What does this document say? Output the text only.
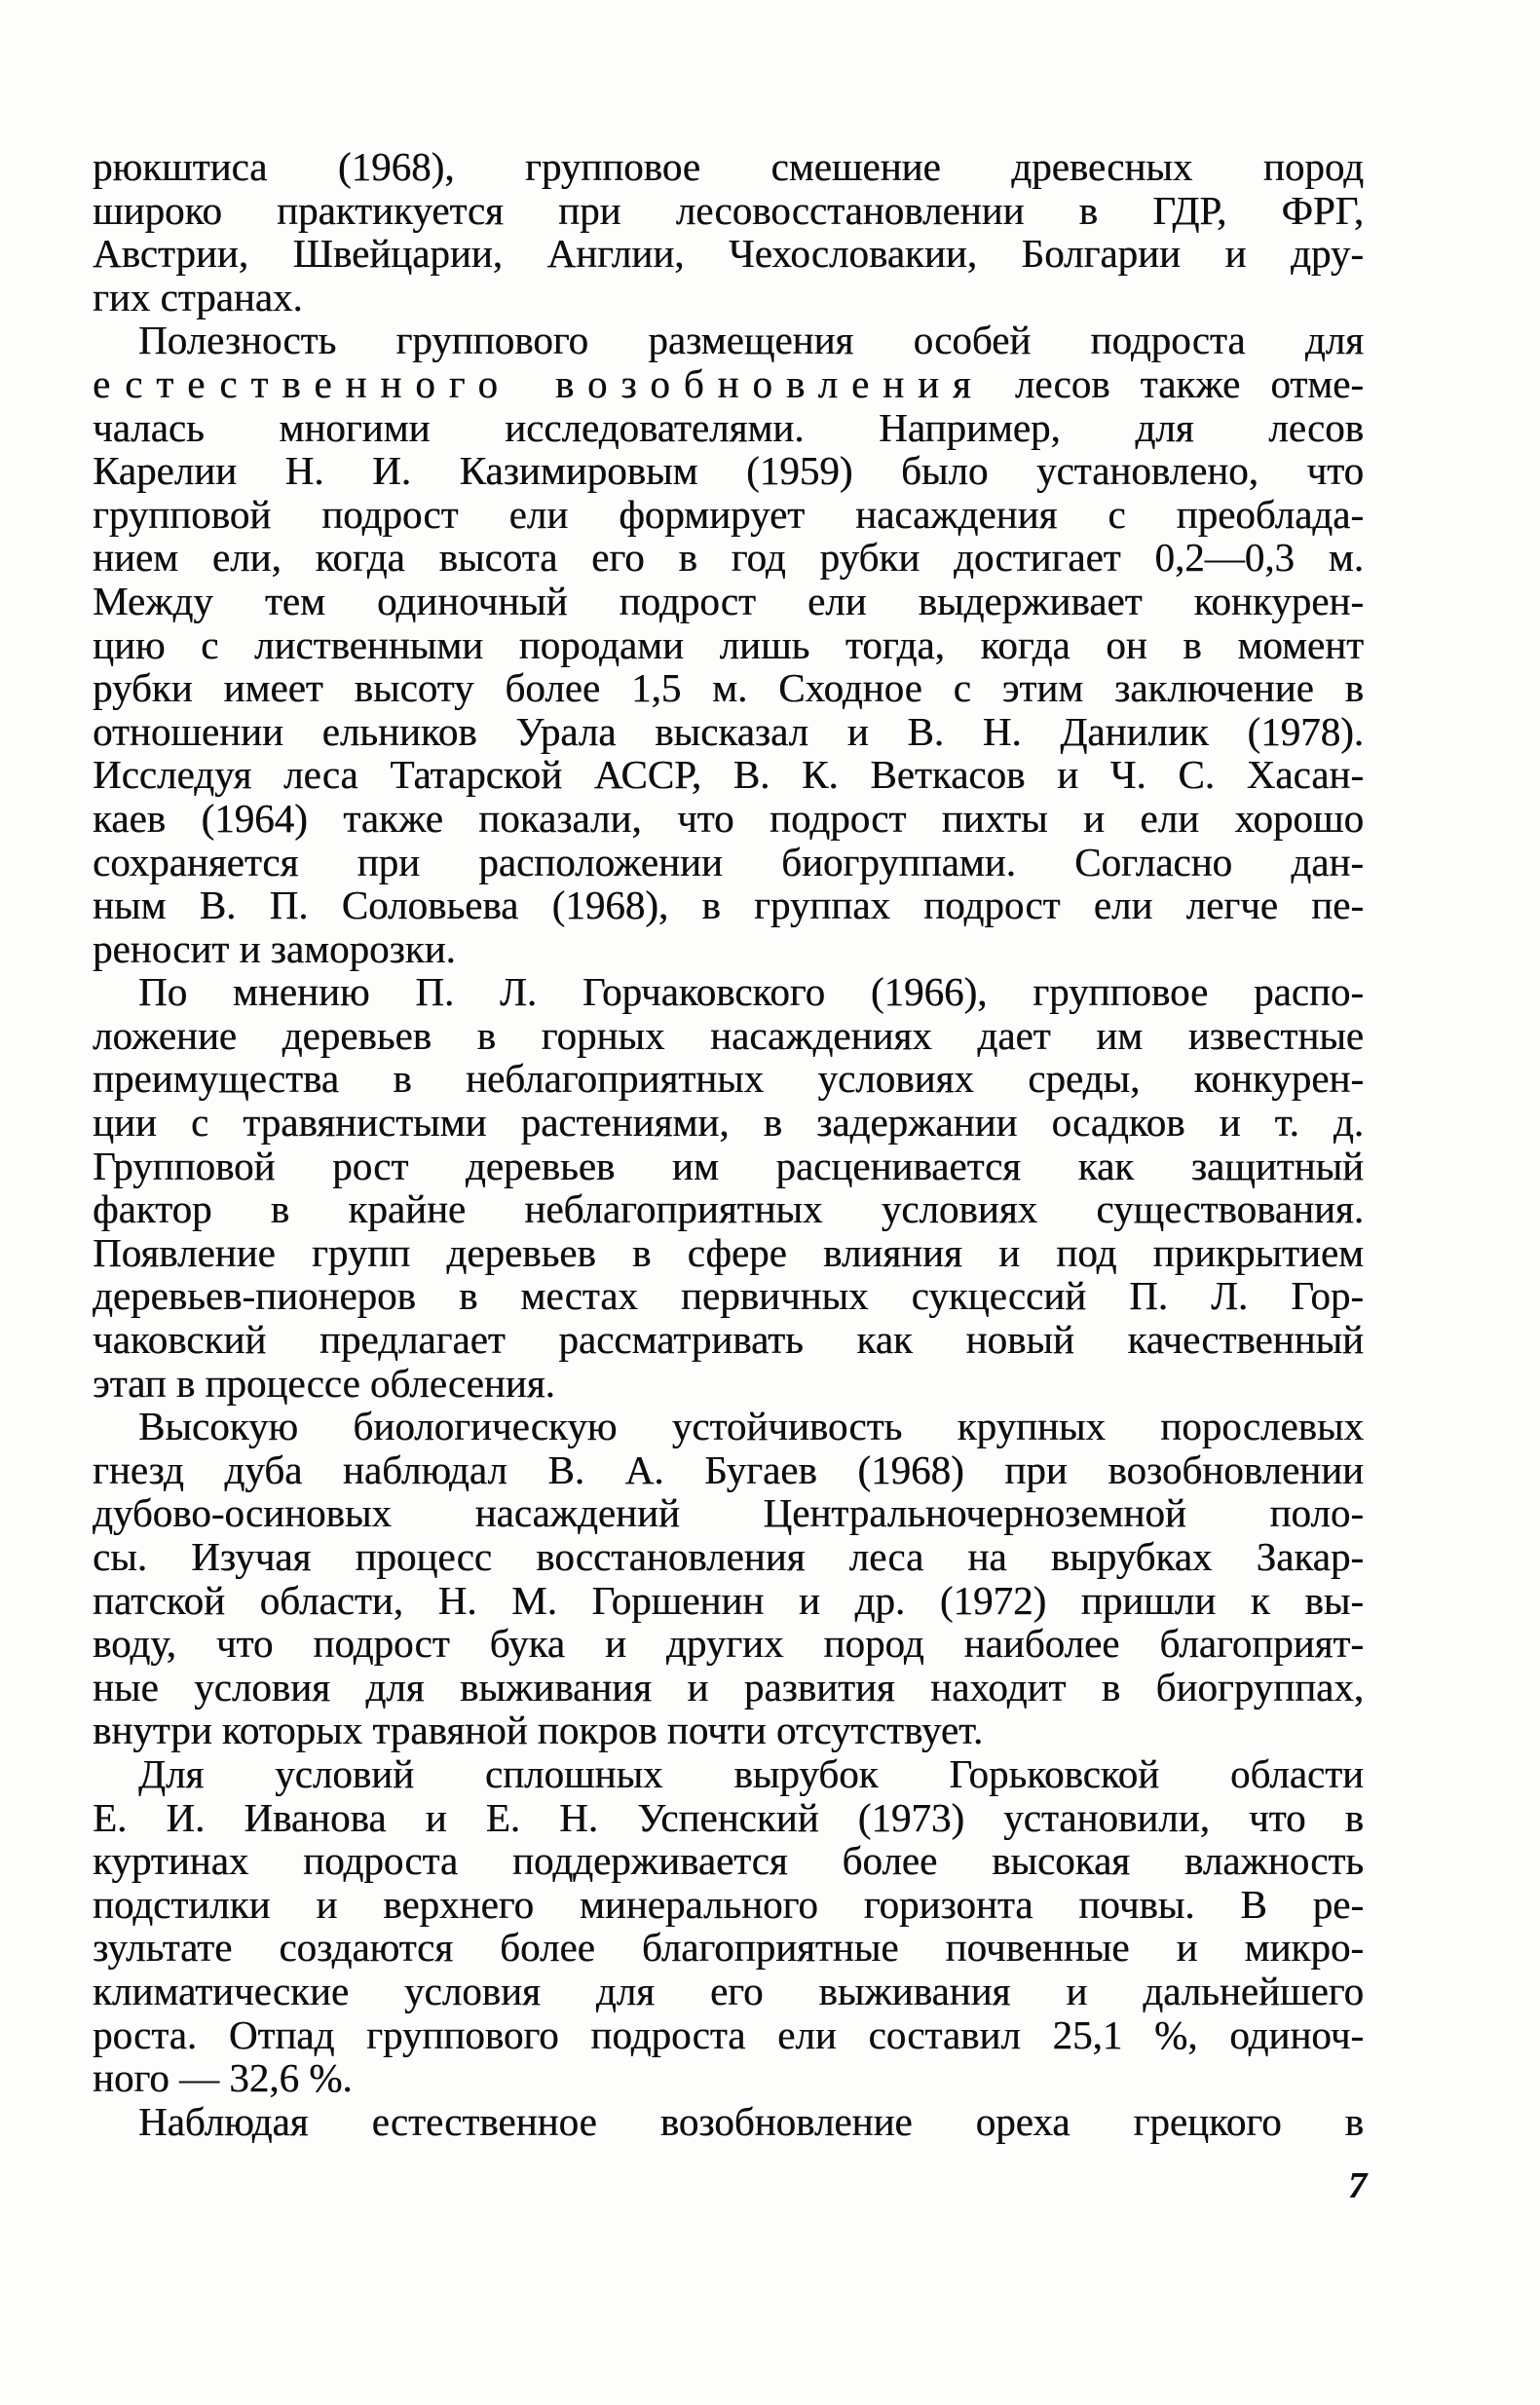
рюкштиса (1968), групповое смешение древесных пород
широко практикуется при лесовосстановлении в ГДР, ФРГ,
Австрии, Швейцарии, Англии, Чехословакии, Болгарии и дру-
гих странах.
Полезность группового размещения особей подроста для
естественного возобновления лесов также отме-
чалась многими исследователями. Например, для лесов
Карелии Н. И. Казимировым (1959) было установлено, что
групповой подрост ели формирует насаждения с преоблада-
нием ели, когда высота его в год рубки достигает 0,2—0,3 м.
Между тем одиночный подрост ели выдерживает конкурен-
цию с лиственными породами лишь тогда, когда он в момент
рубки имеет высоту более 1,5 м. Сходное с этим заключение в
отношении ельников Урала высказал и В. Н. Данилик (1978).
Исследуя леса Татарской АССР, В. К. Веткасов и Ч. С. Хасан-
каев (1964) также показали, что подрост пихты и ели хорошо
сохраняется при расположении биогруппами. Согласно дан-
ным В. П. Соловьева (1968), в группах подрост ели легче пе-
реносит и заморозки.
По мнению П. Л. Горчаковского (1966), групповое распо-
ложение деревьев в горных насаждениях дает им известные
преимущества в неблагоприятных условиях среды, конкурен-
ции с травянистыми растениями, в задержании осадков и т. д.
Групповой рост деревьев им расценивается как защитный
фактор в крайне неблагоприятных условиях существования.
Появление групп деревьев в сфере влияния и под прикрытием
деревьев-пионеров в местах первичных сукцессий П. Л. Гор-
чаковский предлагает рассматривать как новый качественный
этап в процессе облесения.
Высокую биологическую устойчивость крупных порослевых
гнезд дуба наблюдал В. А. Бугаев (1968) при возобновлении
дубово-осиновых насаждений Центральночерноземной поло-
сы. Изучая процесс восстановления леса на вырубках Закар-
патской области, Н. М. Горшенин и др. (1972) пришли к вы-
воду, что подрост бука и других пород наиболее благоприят-
ные условия для выживания и развития находит в биогруппах,
внутри которых травяной покров почти отсутствует.
Для условий сплошных вырубок Горьковской области
Е. И. Иванова и Е. Н. Успенский (1973) установили, что в
куртинах подроста поддерживается более высокая влажность
подстилки и верхнего минерального горизонта почвы. В ре-
зультате создаются более благоприятные почвенные и микро-
климатические условия для его выживания и дальнейшего
роста. Отпад группового подроста ели составил 25,1 %, одиноч-
ного — 32,6 %.
Наблюдая естественное возобновление ореха грецкого в
7
